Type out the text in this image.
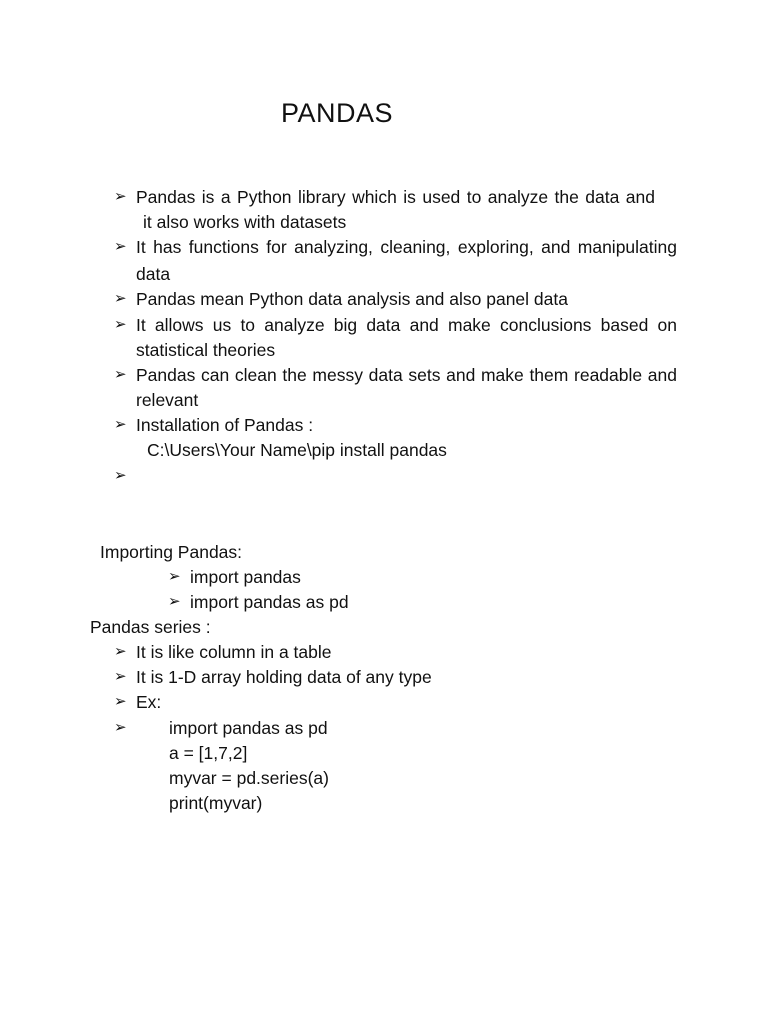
PANDAS
➢ Pandas is a Python library which is used to analyze the data and
it also works with datasets
➢ It has functions for analyzing, cleaning, exploring, and manipulating
data
➢ Pandas mean Python data analysis and also panel data
➢ It allows us to analyze big data and make conclusions based on
statistical theories
➢ Pandas can clean the messy data sets and make them readable and
relevant
➢ Installation of Pandas :
C:\Users\Your Name\pip install pandas
➢
Importing Pandas:
➢ import pandas
➢ import pandas as pd
Pandas series :
➢ It is like column in a table
➢ It is 1-D array holding data of any type
➢ Ex:
➢ import pandas as pd
a = [1,7,2]
myvar = pd.series(a)
print(myvar)
